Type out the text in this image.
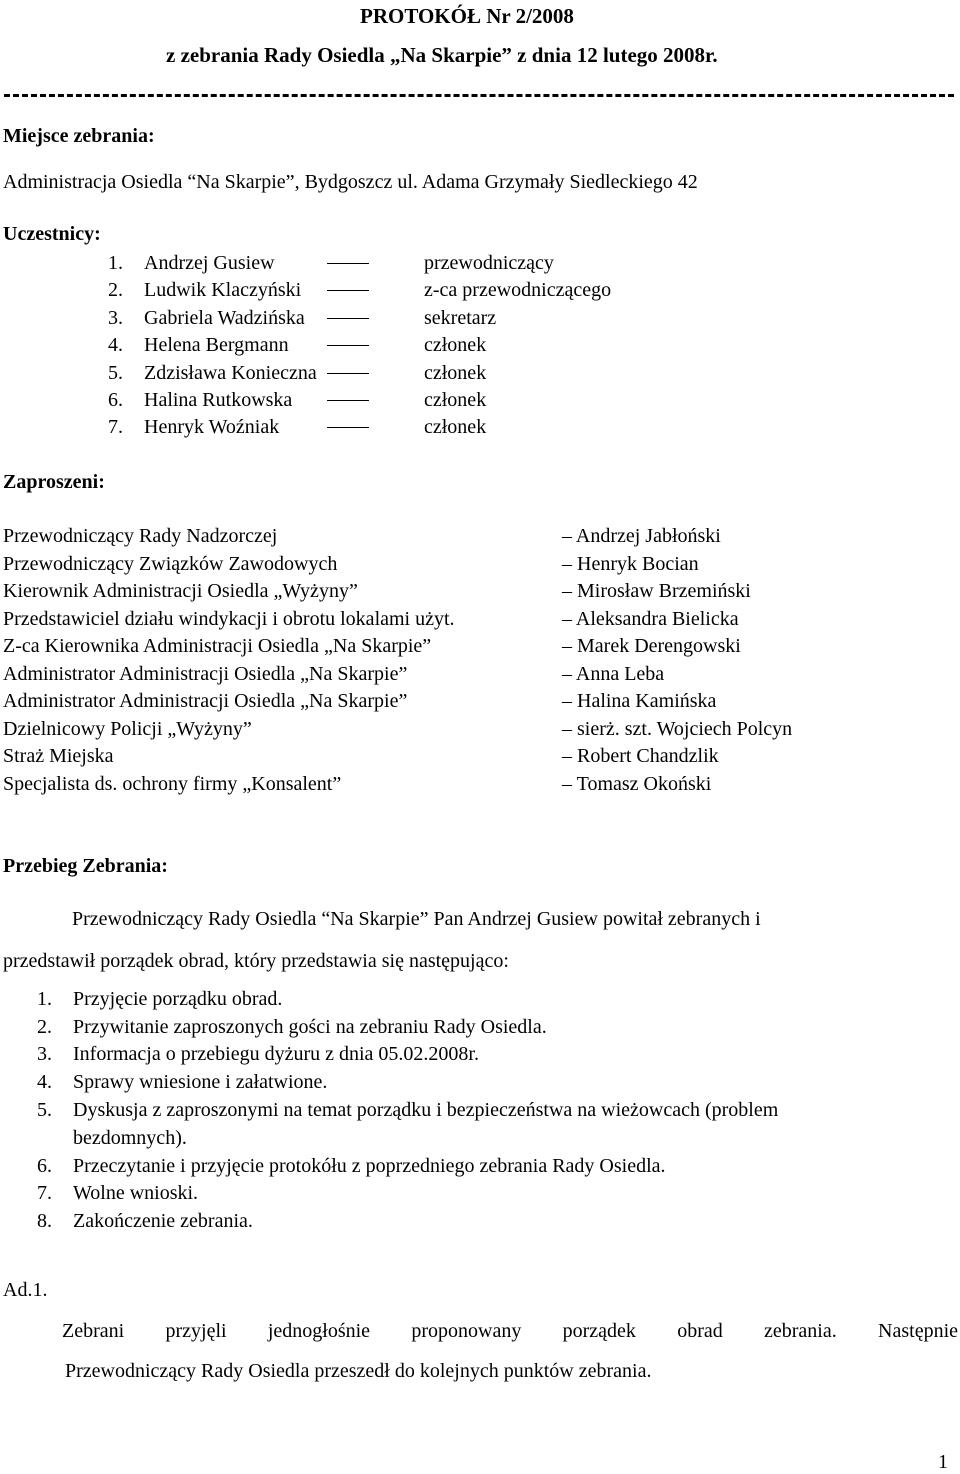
PROTOKÓŁ Nr 2/2008
z zebrania Rady Osiedla „Na Skarpie” z dnia 12 lutego 2008r.
Miejsce zebrania:
Administracja Osiedla “Na Skarpie”, Bydgoszcz ul. Adama Grzymały Siedleckiego 42
Uczestnicy:
1. Andrzej Gusiew	przewodniczący
2. Ludwik Klaczyński	z-ca przewodniczącego
3. Gabriela Wadzińska	sekretarz
4. Helena Bergmann	członek
5. Zdzisława Konieczna	członek
6. Halina Rutkowska	członek
7. Henryk Woźniak	członek
Zaproszeni:
Przewodniczący Rady Nadzorczej	– Andrzej Jabłoński
Przewodniczący Związków Zawodowych	– Henryk Bocian
Kierownik Administracji Osiedla „Wyżyny”	– Mirosław Brzemiński
Przedstawiciel działu windykacji i obrotu lokalami użyt.	– Aleksandra Bielicka
Z-ca Kierownika Administracji Osiedla „Na Skarpie”	– Marek Derengowski
Administrator Administracji Osiedla „Na Skarpie”	– Anna Leba
Administrator Administracji Osiedla „Na Skarpie”	– Halina Kamińska
Dzielnicowy Policji „Wyżyny”	– sierż. szt. Wojciech Polcyn
Straż Miejska	– Robert Chandzlik
Specjalista ds. ochrony firmy „Konsalent”	– Tomasz Okoński
Przebieg Zebrania:
Przewodniczący Rady Osiedla “Na Skarpie” Pan Andrzej Gusiew powitał zebranych i
przedstawił porządek obrad, który przedstawia się następująco:
1. Przyjęcie porządku obrad.
2. Przywitanie zaproszonych gości na zebraniu Rady Osiedla.
3. Informacja o przebiegu dyżuru z dnia 05.02.2008r.
4. Sprawy wniesione i załatwione.
5. Dyskusja z zaproszonymi na temat porządku i bezpieczeństwa na wieżowcach (problem
bezdomnych).
6. Przeczytanie i przyjęcie protokółu z poprzedniego zebrania Rady Osiedla.
7. Wolne wnioski.
8. Zakończenie zebrania.
Ad.1.
Zebrani przyjęli jednogłośnie proponowany porządek obrad zebrania. Następnie
Przewodniczący Rady Osiedla przeszedł do kolejnych punktów zebrania.
1
